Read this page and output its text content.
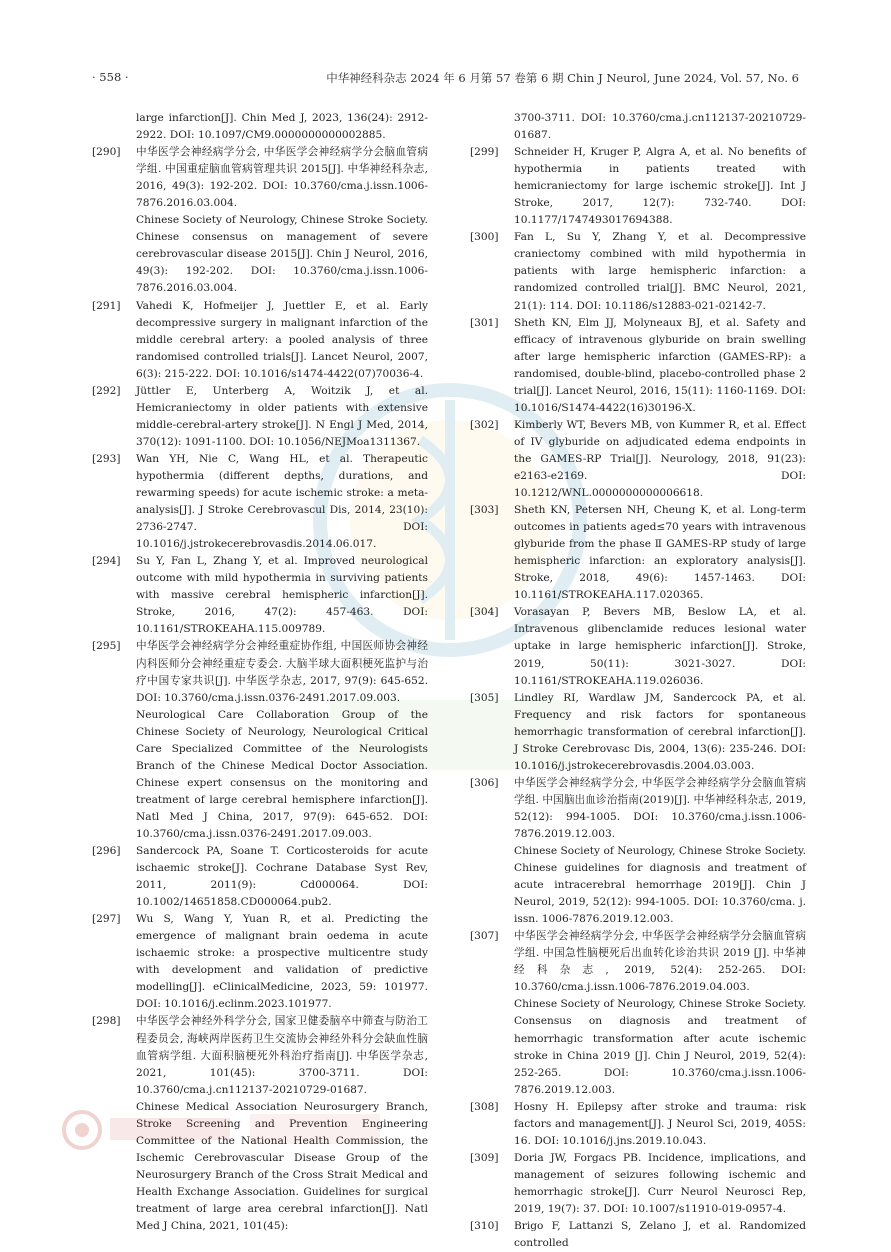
· 558 ·	中华神经科杂志 2024 年 6 月第 57 卷第 6 期 Chin J Neurol, June 2024, Vol. 57, No. 6
large infarction[J]. Chin Med J, 2023, 136(24): 2912-2922. DOI: 10.1097/CM9.0000000000002885.
[290] 中华医学会神经病学分会, 中华医学会神经病学分会脑血管病学组. 中国重症脑血管病管理共识 2015[J]. 中华神经科杂志, 2016, 49(3): 192-202. DOI: 10.3760/cma.j.issn.1006-7876.2016.03.004.
Chinese Society of Neurology, Chinese Stroke Society. Chinese consensus on management of severe cerebrovascular disease 2015[J]. Chin J Neurol, 2016, 49(3): 192-202. DOI: 10.3760/cma.j.issn.1006-7876.2016.03.004.
[291] Vahedi K, Hofmeijer J, Juettler E, et al. Early decompressive surgery in malignant infarction of the middle cerebral artery: a pooled analysis of three randomised controlled trials[J]. Lancet Neurol, 2007, 6(3): 215-222. DOI: 10.1016/s1474-4422(07)70036-4.
[292] Jüttler E, Unterberg A, Woitzik J, et al. Hemicraniectomy in older patients with extensive middle-cerebral-artery stroke[J]. N Engl J Med, 2014, 370(12): 1091-1100. DOI: 10.1056/NEJMoa1311367.
[293] Wan YH, Nie C, Wang HL, et al. Therapeutic hypothermia (different depths, durations, and rewarming speeds) for acute ischemic stroke: a meta-analysis[J]. J Stroke Cerebrovascul Dis, 2014, 23(10): 2736-2747. DOI: 10.1016/j.jstrokecerebrovasdis.2014.06.017.
[294] Su Y, Fan L, Zhang Y, et al. Improved neurological outcome with mild hypothermia in surviving patients with massive cerebral hemispheric infarction[J]. Stroke, 2016, 47(2): 457-463. DOI: 10.1161/STROKEAHA.115.009789.
[295] 中华医学会神经病学分会神经重症协作组, 中国医师协会神经内科医师分会神经重症专委会. 大脑半球大面积梗死监护与治疗中国专家共识[J]. 中华医学杂志, 2017, 97(9): 645-652. DOI: 10.3760/cma.j.issn.0376-2491.2017.09.003.
Neurological Care Collaboration Group of the Chinese Society of Neurology, Neurological Critical Care Specialized Committee of the Neurologists Branch of the Chinese Medical Doctor Association. Chinese expert consensus on the monitoring and treatment of large cerebral hemisphere infarction[J]. Natl Med J China, 2017, 97(9): 645-652. DOI: 10.3760/cma.j.issn.0376-2491.2017.09.003.
[296] Sandercock PA, Soane T. Corticosteroids for acute ischaemic stroke[J]. Cochrane Database Syst Rev, 2011, 2011(9): Cd000064. DOI: 10.1002/14651858.CD000064.pub2.
[297] Wu S, Wang Y, Yuan R, et al. Predicting the emergence of malignant brain oedema in acute ischaemic stroke: a prospective multicentre study with development and validation of predictive modelling[J]. eClinicalMedicine, 2023, 59: 101977. DOI: 10.1016/j.eclinm.2023.101977.
[298] 中华医学会神经外科学分会, 国家卫健委脑卒中筛查与防治工程委员会, 海峡两岸医药卫生交流协会神经外科分会缺血性脑血管病学组. 大面积脑梗死外科治疗指南[J]. 中华医学杂志, 2021, 101(45): 3700-3711. DOI: 10.3760/cma.j.cn112137-20210729-01687.
Chinese Medical Association Neurosurgery Branch, Stroke Screening and Prevention Engineering Committee of the National Health Commission, the Ischemic Cerebrovascular Disease Group of the Neurosurgery Branch of the Cross Strait Medical and Health Exchange Association. Guidelines for surgical treatment of large area cerebral infarction[J]. Natl Med J China, 2021, 101(45):
3700-3711. DOI: 10.3760/cma.j.cn112137-20210729-01687.
[299] Schneider H, Kruger P, Algra A, et al. No benefits of hypothermia in patients treated with hemicraniectomy for large ischemic stroke[J]. Int J Stroke, 2017, 12(7): 732-740. DOI: 10.1177/1747493017694388.
[300] Fan L, Su Y, Zhang Y, et al. Decompressive craniectomy combined with mild hypothermia in patients with large hemispheric infarction: a randomized controlled trial[J]. BMC Neurol, 2021, 21(1): 114. DOI: 10.1186/s12883-021-02142-7.
[301] Sheth KN, Elm JJ, Molyneaux BJ, et al. Safety and efficacy of intravenous glyburide on brain swelling after large hemispheric infarction (GAMES-RP): a randomised, double-blind, placebo-controlled phase 2 trial[J]. Lancet Neurol, 2016, 15(11): 1160-1169. DOI: 10.1016/S1474-4422(16)30196-X.
[302] Kimberly WT, Bevers MB, von Kummer R, et al. Effect of IV glyburide on adjudicated edema endpoints in the GAMES-RP Trial[J]. Neurology, 2018, 91(23): e2163-e2169. DOI: 10.1212/WNL.0000000000006618.
[303] Sheth KN, Petersen NH, Cheung K, et al. Long-term outcomes in patients aged≤70 years with intravenous glyburide from the phase Ⅱ GAMES-RP study of large hemispheric infarction: an exploratory analysis[J]. Stroke, 2018, 49(6): 1457-1463. DOI: 10.1161/STROKEAHA.117.020365.
[304] Vorasayan P, Bevers MB, Beslow LA, et al. Intravenous glibenclamide reduces lesional water uptake in large hemispheric infarction[J]. Stroke, 2019, 50(11): 3021-3027. DOI: 10.1161/STROKEAHA.119.026036.
[305] Lindley RI, Wardlaw JM, Sandercock PA, et al. Frequency and risk factors for spontaneous hemorrhagic transformation of cerebral infarction[J]. J Stroke Cerebrovasc Dis, 2004, 13(6): 235-246. DOI: 10.1016/j.jstrokecerebrovasdis.2004.03.003.
[306] 中华医学会神经病学分会, 中华医学会神经病学分会脑血管病学组. 中国脑出血诊治指南(2019)[J]. 中华神经科杂志, 2019, 52(12): 994-1005. DOI: 10.3760/cma.j.issn.1006-7876.2019.12.003.
Chinese Society of Neurology, Chinese Stroke Society. Chinese guidelines for diagnosis and treatment of acute intracerebral hemorrhage 2019[J]. Chin J Neurol, 2019, 52(12): 994-1005. DOI: 10.3760/cma. j. issn. 1006-7876.2019.12.003.
[307] 中华医学会神经病学分会, 中华医学会神经病学分会脑血管病学组. 中国急性脑梗死后出血转化诊治共识 2019 [J]. 中华神经科杂志, 2019, 52(4): 252-265. DOI: 10.3760/cma.j.issn.1006-7876.2019.04.003.
Chinese Society of Neurology, Chinese Stroke Society. Consensus on diagnosis and treatment of hemorrhagic transformation after acute ischemic stroke in China 2019 [J]. Chin J Neurol, 2019, 52(4): 252-265. DOI: 10.3760/cma.j.issn.1006-7876.2019.12.003.
[308] Hosny H. Epilepsy after stroke and trauma: risk factors and management[J]. J Neurol Sci, 2019, 405S: 16. DOI: 10.1016/j.jns.2019.10.043.
[309] Doria JW, Forgacs PB. Incidence, implications, and management of seizures following ischemic and hemorrhagic stroke[J]. Curr Neurol Neurosci Rep, 2019, 19(7): 37. DOI: 10.1007/s11910-019-0957-4.
[310] Brigo F, Lattanzi S, Zelano J, et al. Randomized controlled
